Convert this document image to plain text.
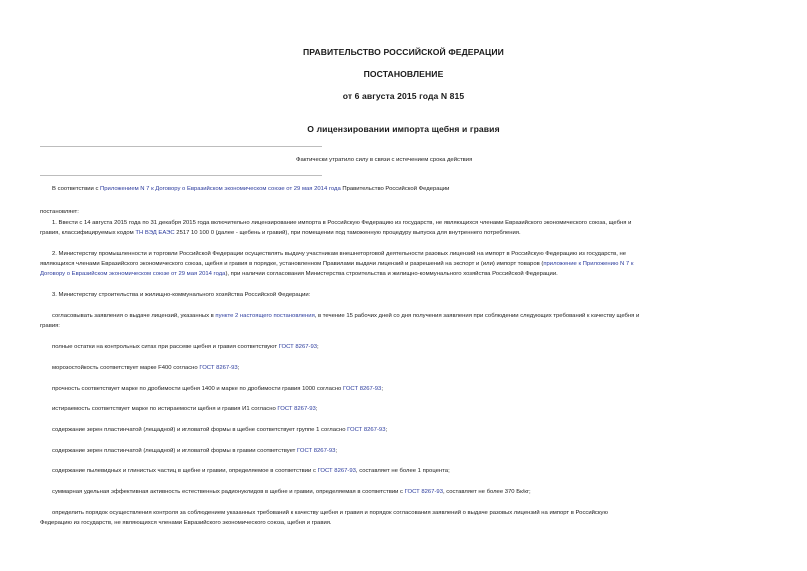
ПРАВИТЕЛЬСТВО РОССИЙСКОЙ ФЕДЕРАЦИИ
ПОСТАНОВЛЕНИЕ
от 6 августа 2015 года N 815
О лицензировании импорта щебня и гравия
Фактически утратило силу в связи с истечением срока действия
В соответствии с Приложением N 7 к Договору о Евразийском экономическом союзе от 29 мая 2014 года Правительство Российской Федерации
постановляет:
1. Ввести с 14 августа 2015 года по 31 декабря 2015 года включительно лицензирование импорта в Российскую Федерацию из государств, не являющихся членами Евразийского экономического союза, щебня и
гравия, классифицируемых кодом ТН ВЭД ЕАЭС 2517 10 100 0 (далее - щебень и гравий), при помещении под таможенную процедуру выпуска для внутреннего потребления.
2. Министерству промышленности и торговли Российской Федерации осуществлять выдачу участникам внешнеторговой деятельности разовых лицензий на импорт в Российскую Федерацию из государств, не
являющихся членами Евразийского экономического союза, щебня и гравия в порядке, установленном Правилами выдачи лицензий и разрешений на экспорт и (или) импорт товаров (приложение к Приложению N 7 к
Договору о Евразийском экономическом союзе от 29 мая 2014 года), при наличии согласования Министерства строительства и жилищно-коммунального хозяйства Российской Федерации.
3. Министерству строительства и жилищно-коммунального хозяйства Российской Федерации:
согласовывать заявления о выдаче лицензий, указанных в пункте 2 настоящего постановления, в течение 15 рабочих дней со дня получения заявления при соблюдении следующих требований к качеству щебня и
гравия:
полные остатки на контрольных ситах при рассеве щебня и гравия соответствуют ГОСТ 8267-93;
морозостойкость соответствует марке F400 согласно ГОСТ 8267-93;
прочность соответствует марке по дробимости щебня 1400 и марке по дробимости гравия 1000 согласно ГОСТ 8267-93;
истираемость соответствует марке по истираемости щебня и гравия И1 согласно ГОСТ 8267-93;
содержание зерен пластинчатой (лещадной) и игловатой формы в щебне соответствует группе 1 согласно ГОСТ 8267-93;
содержание зерен пластинчатой (лещадной) и игловатой формы в гравии соответствует ГОСТ 8267-93;
содержание пылевидных и глинистых частиц в щебне и гравии, определяемое в соответствии с ГОСТ 8267-93, составляет не более 1 процента;
суммарная удельная эффективная активность естественных радионуклидов в щебне и гравии, определяемая в соответствии с ГОСТ 8267-93, составляет не более 370 Бк/кг;
определить порядок осуществления контроля за соблюдением указанных требований к качеству щебня и гравия и порядок согласования заявлений о выдаче разовых лицензий на импорт в Российскую
Федерацию из государств, не являющихся членами Евразийского экономического союза, щебня и гравия.
